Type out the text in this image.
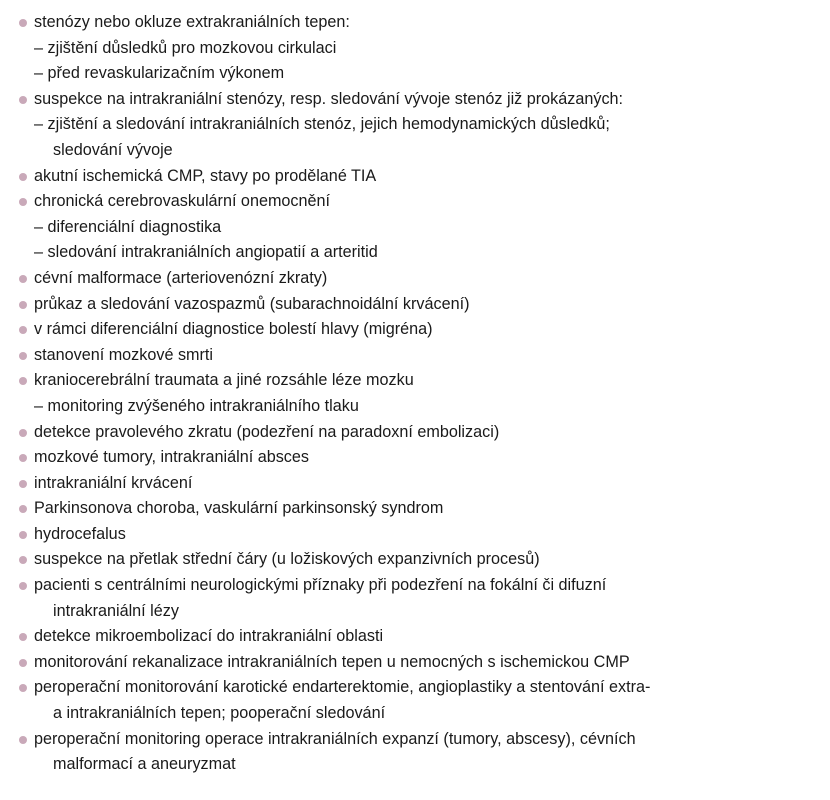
stenózy nebo okluze extrakraniálních tepen:
– zjištění důsledků pro mozkovou cirkulaci
– před revaskularizačním výkonem
suspekce na intrakraniální stenózy, resp. sledování vývoje stenóz již prokázaných:
– zjištění a sledování intrakraniálních stenóz, jejich hemodynamických důsledků;
sledování vývoje
akutní ischemická CMP, stavy po prodělané TIA
chronická cerebrovaskulární onemocnění
– diferenciální diagnostika
– sledování intrakraniálních angiopatií a arteritid
cévní malformace (arteriovenózní zkraty)
průkaz a sledování vazospazmů (subarachnoidální krvácení)
v rámci diferenciální diagnostice bolestí hlavy (migréna)
stanovení mozkové smrti
kraniocerebrální traumata a jiné rozsáhle léze mozku
– monitoring zvýšeného intrakraniálního tlaku
detekce pravolevého zkratu (podezření na paradoxní embolizaci)
mozkové tumory, intrakraniální absces
intrakraniální krvácení
Parkinsonova choroba, vaskulární parkinsonský syndrom
hydrocefalus
suspekce na přetlak střední čáry (u ložiskových expanzivních procesů)
pacienti s centrálními neurologickými příznaky při podezření na fokální či difuzní
intrakraniální lézy
detekce mikroembolizací do intrakraniální oblasti
monitorování rekanalizace intrakraniálních tepen u nemocných s ischemickou CMP
peroperační monitorování karotické endarterektomie, angioplastiky a stentování extra-
a intrakraniálních tepen; pooperační sledování
peroperační monitoring operace intrakraniálních expanzí (tumory, abscesy), cévních
malformací a aneuryzmat
